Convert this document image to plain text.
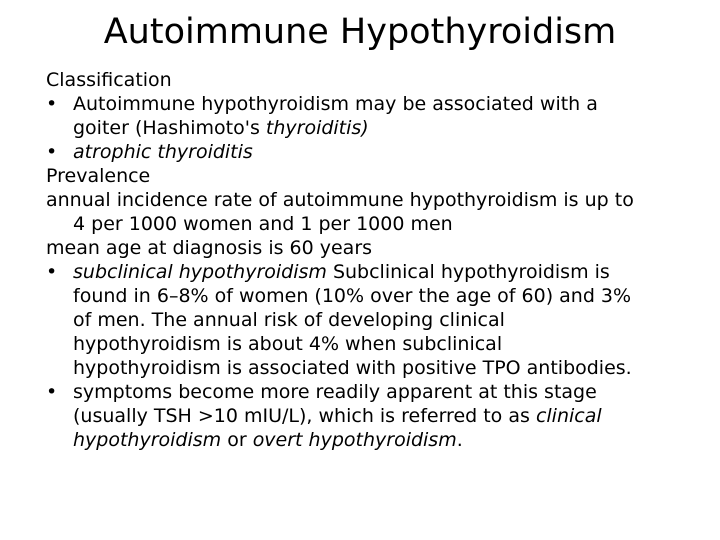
Autoimmune Hypothyroidism
Classification
• Autoimmune hypothyroidism may be associated with a
goiter (Hashimoto's thyroiditis)
• atrophic thyroiditis
Prevalence
annual incidence rate of autoimmune hypothyroidism is up to
4 per 1000 women and 1 per 1000 men
mean age at diagnosis is 60 years
• subclinical hypothyroidism Subclinical hypothyroidism is
found in 6–8% of women (10% over the age of 60) and 3%
of men. The annual risk of developing clinical
hypothyroidism is about 4% when subclinical
hypothyroidism is associated with positive TPO antibodies.
• symptoms become more readily apparent at this stage
(usually TSH >10 mIU/L), which is referred to as clinical
hypothyroidism or overt hypothyroidism.
